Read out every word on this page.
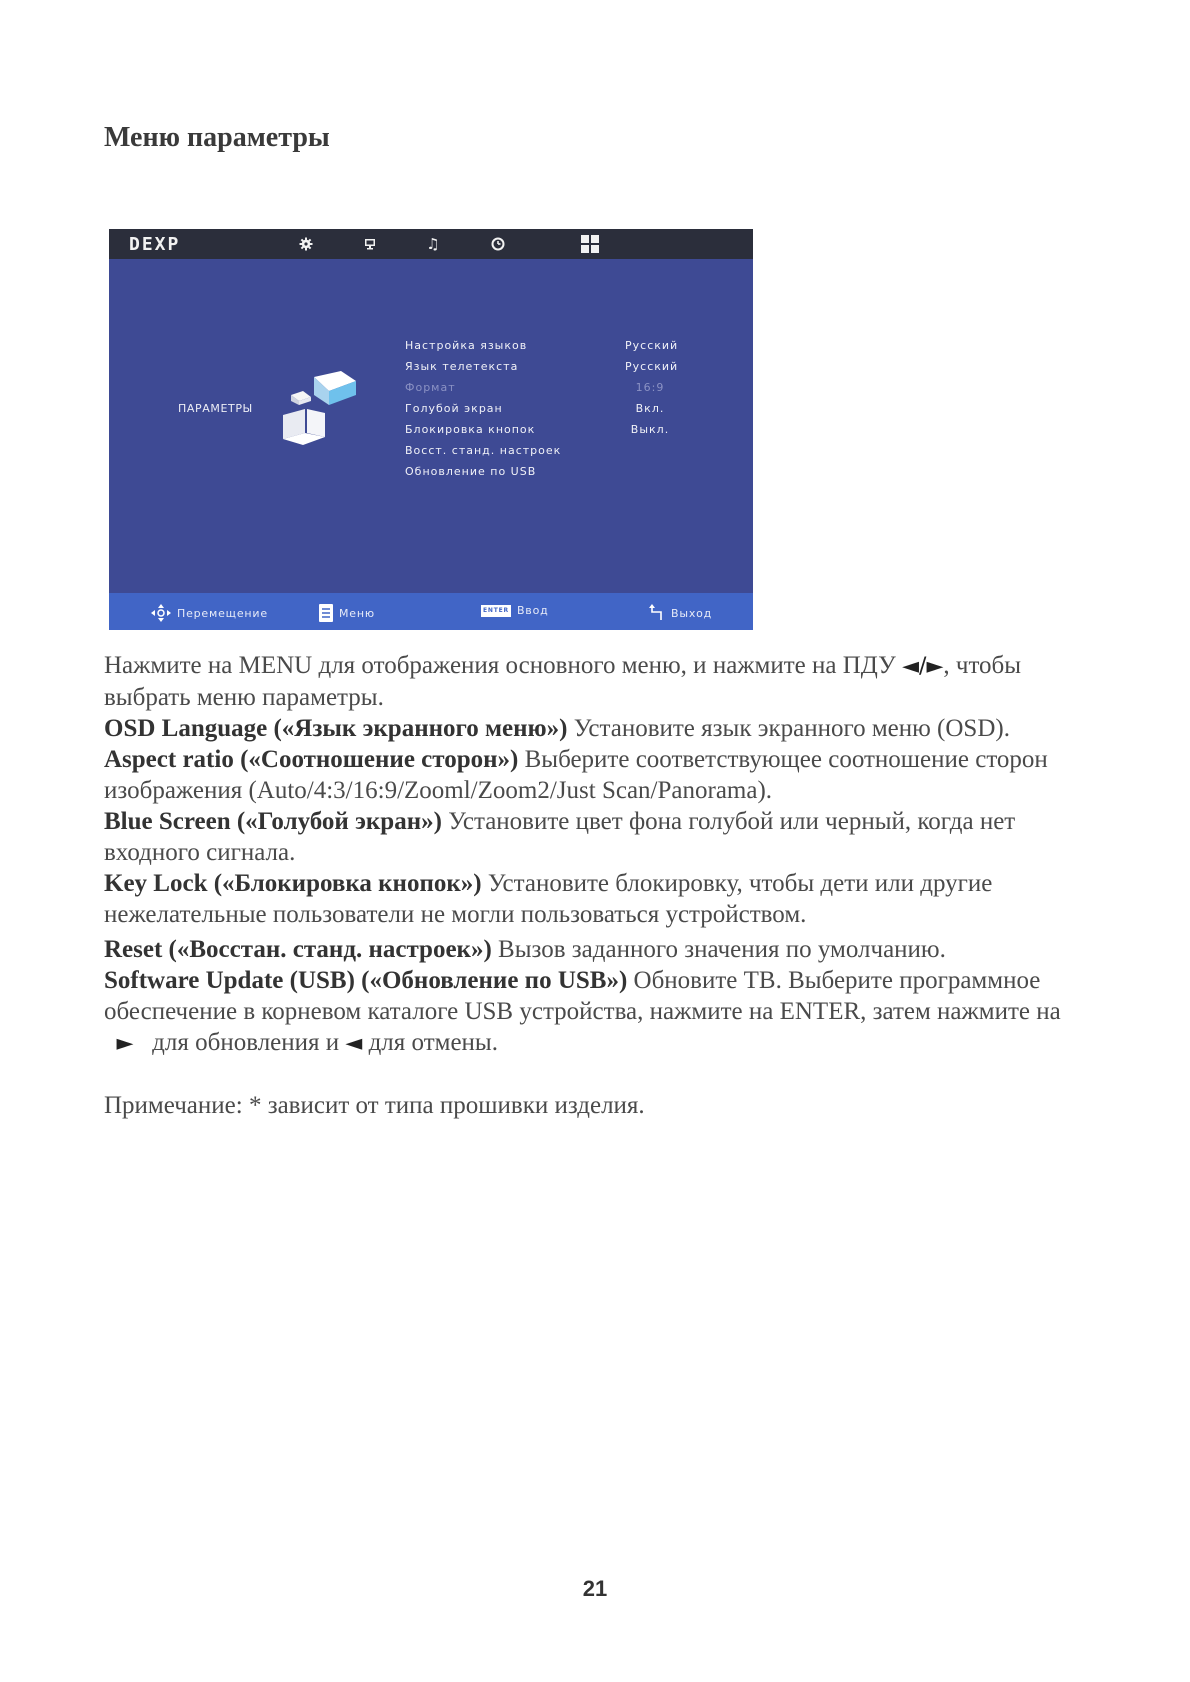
Меню параметры
DEXP	♫
ПАРАМЕТРЫ
Настройка языков	Русский
Язык телетекста	Русский
Формат	16:9
Голубой экран	Вкл.
Блокировка кнопок	Выкл.
Восст. станд. настроек
Обновление по USB
Перемещение	Меню	ENTER Ввод	Выход

Нажмите на MENU для отображения основного меню, и нажмите на ПДУ ◄/►, чтобы выбрать меню параметры.

OSD Language («Язык экранного меню») Установите язык экранного меню (OSD).

Aspect ratio («Соотношение сторон») Выберите соответствующее соотношение сторон изображения (Auto/4:3/16:9/Zooml/Zoom2/Just Scan/Panorama).

Blue Screen («Голубой экран») Установите цвет фона голубой или черный, когда нет входного сигнала.

Key Lock («Блокировка кнопок») Установите блокировку, чтобы дети или другие нежелательные пользователи не могли пользоваться устройством.

Reset («Восстан. станд. настроек») Вызов заданного значения по умолчанию.

Software Update (USB) («Обновление по USB») Обновите ТВ. Выберите программное обеспечение в корневом каталоге USB устройства, нажмите на ENTER, затем нажмите на   ► для обновления и ◄ для отмены.

Примечание: * зависит от типа прошивки изделия.

21
